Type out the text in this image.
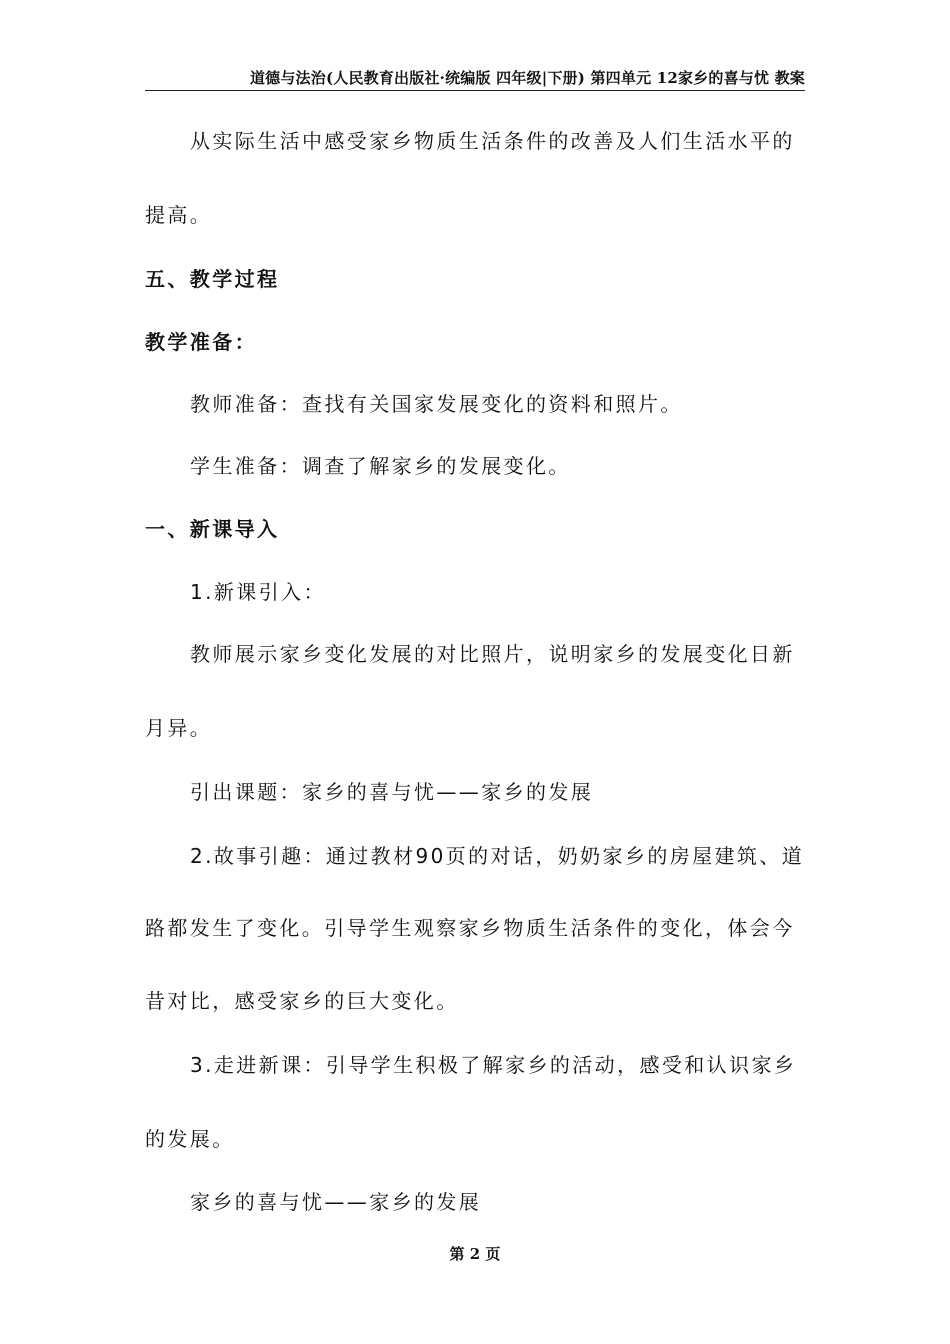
道德与法治(人民教育出版社·统编版 四年级|下册) 第四单元 12家乡的喜与忧 教案
从实际生活中感受家乡物质生活条件的改善及人们生活水平的
提高。
五、教学过程
教学准备：
教师准备：查找有关国家发展变化的资料和照片。
学生准备：调查了解家乡的发展变化。
一、新课导入
1.新课引入：
教师展示家乡变化发展的对比照片，说明家乡的发展变化日新
月异。
引出课题：家乡的喜与忧——家乡的发展
2.故事引趣：通过教材90页的对话，奶奶家乡的房屋建筑、道
路都发生了变化。引导学生观察家乡物质生活条件的变化，体会今
昔对比，感受家乡的巨大变化。
3.走进新课：引导学生积极了解家乡的活动，感受和认识家乡
的发展。
家乡的喜与忧——家乡的发展
第 2 页
